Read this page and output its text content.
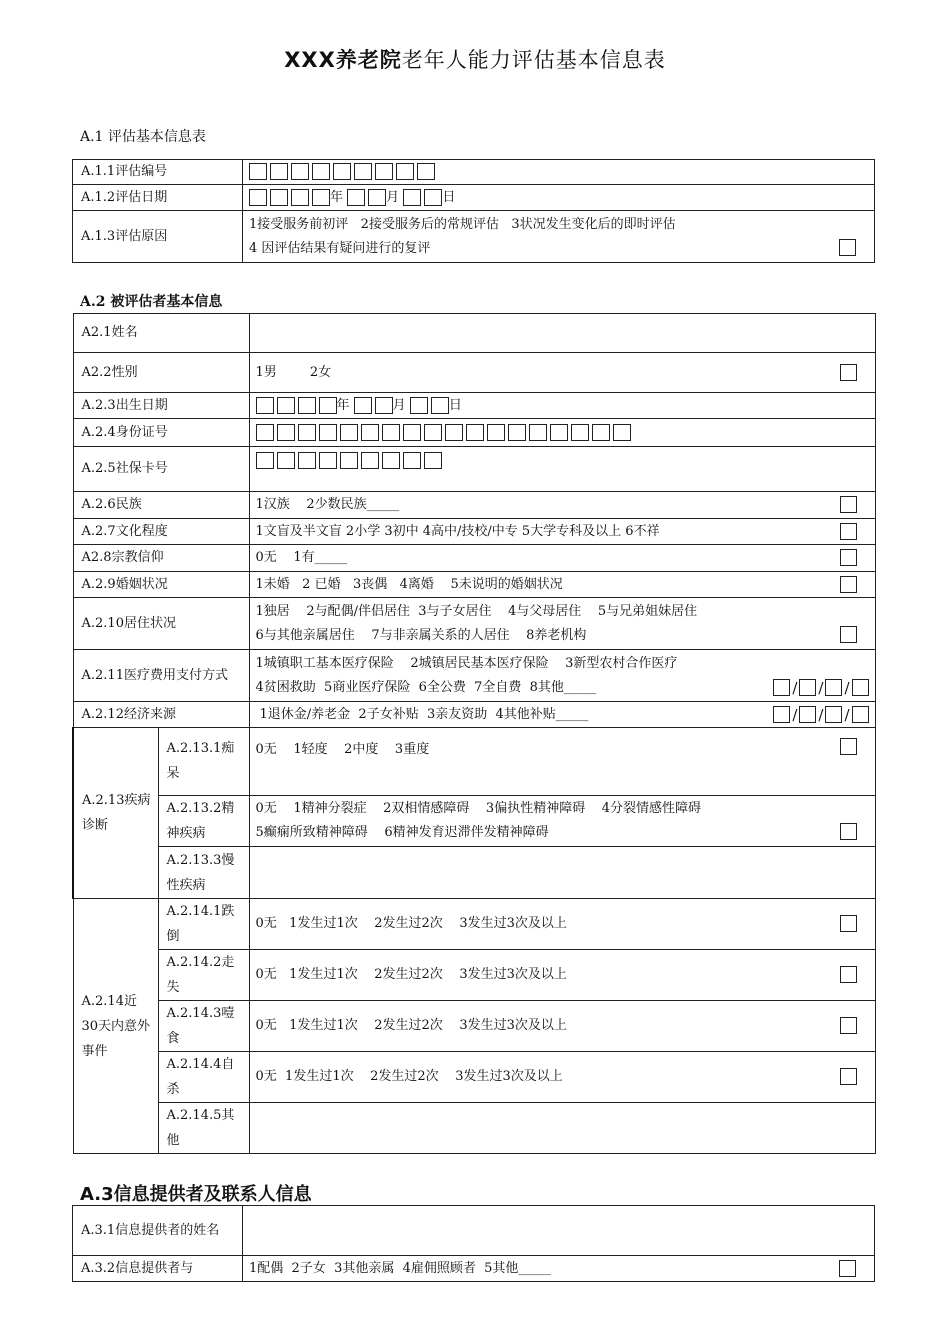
XXX养老院老年人能力评估基本信息表
A.1 评估基本信息表
A.1.1评估编号	

A.1.2评估日期	年 月 日
A.1.3评估原因	1接受服务前初评   2接受服务后的常规评估   3状况发生变化后的即时评估
4 因评估结果有疑问进行的复评
A.2 被评估者基本信息
A2.1姓名		
A2.2性别		1男        2女

A.2.3出生日期		年 月 日
A.2.4身份证号		

A.2.5社保卡号		

A.2.6民族		1汉族    2少数民族_____

A.2.7文化程度		1文盲及半文盲 2小学 3初中 4高中/技校/中专 5大学专科及以上 6不祥

A2.8宗教信仰		0无    1有_____

A.2.9婚姻状况		1未婚   2 已婚   3丧偶   4离婚    5未说明的婚姻状况

A.2.10居住状况		1独居    2与配偶/伴侣居住  3与子女居住    4与父母居住    5与兄弟姐妹居住
6与其他亲属居住    7与非亲属关系的人居住    8养老机构

A.2.11医疗费用支付方式		1城镇职工基本医疗保险    2城镇居民基本医疗保险    3新型农村合作医疗
4贫困救助  5商业医疗保险  6全公费  7全自费  8其他_____ / / /

A.2.12经济来源		1退休金/养老金  2子女补贴  3亲友资助  4其他补贴_____ / / /

A.2.13疾病诊断	A.2.13.1痴呆	0无    1轻度    2中度    3重度

	A.2.13.2精神疾病	0无    1精神分裂症    2双相情感障碍    3偏执性精神障碍    4分裂情感性障碍
5癫痫所致精神障碍    6精神发育迟滞伴发精神障碍

	A.2.13.3慢性疾病	
A.2.14近30天内意外事件	A.2.14.1跌倒	0无   1发生过1次    2发生过2次    3发生过3次及以上

	A.2.14.2走失	0无   1发生过1次    2发生过2次    3发生过3次及以上

	A.2.14.3噎食	0无   1发生过1次    2发生过2次    3发生过3次及以上

	A.2.14.4自杀	0无  1发生过1次    2发生过2次    3发生过3次及以上

	A.2.14.5其他	
A.3信息提供者及联系人信息
A.3.1信息提供者的姓名	
A.3.2信息提供者与	1配偶  2子女  3其他亲属  4雇佣照顾者  5其他_____
